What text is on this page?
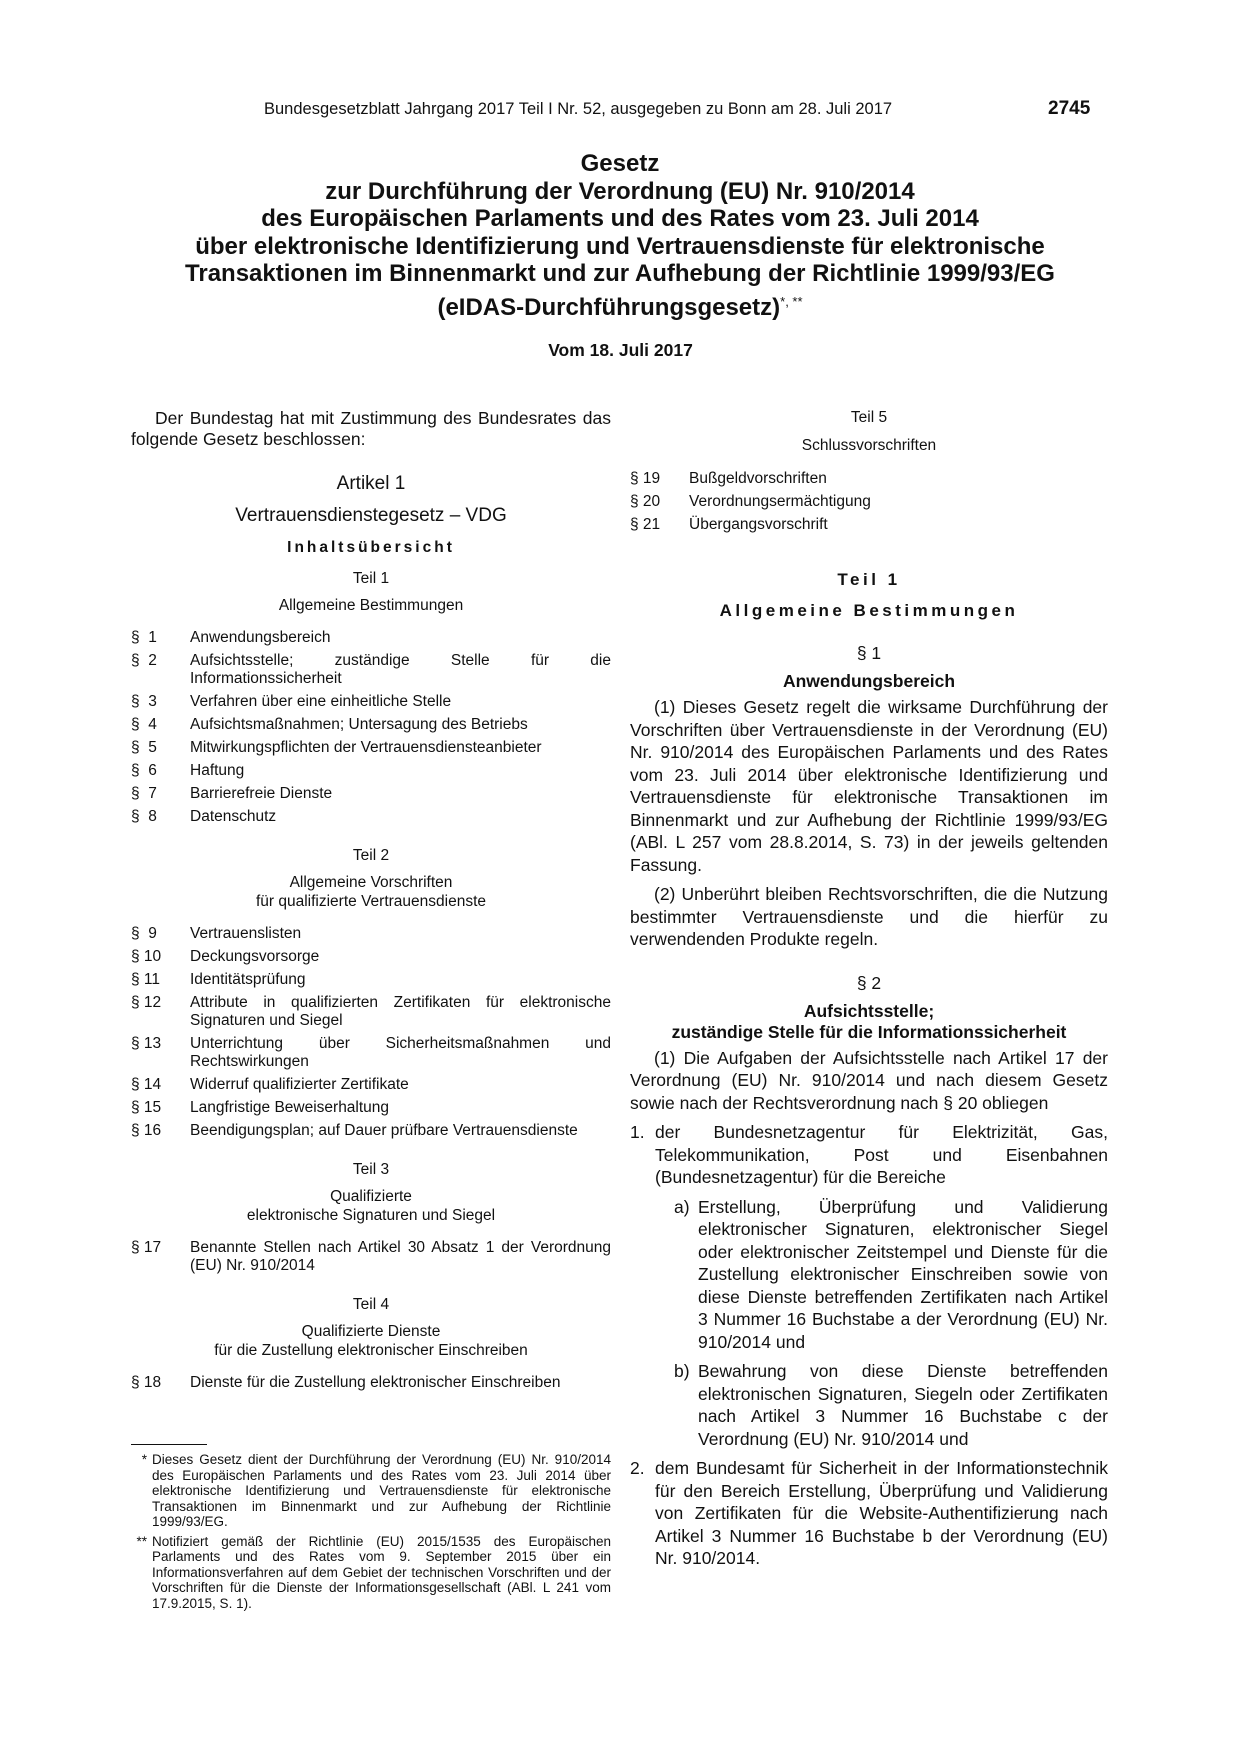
Bundesgesetzblatt Jahrgang 2017 Teil I Nr. 52, ausgegeben zu Bonn am 28. Juli 2017	2745
Gesetz
zur Durchführung der Verordnung (EU) Nr. 910/2014
des Europäischen Parlaments und des Rates vom 23. Juli 2014
über elektronische Identifizierung und Vertrauensdienste für elektronische
Transaktionen im Binnenmarkt und zur Aufhebung der Richtlinie 1999/93/EG
(eIDAS-Durchführungsgesetz)*, **
Vom 18. Juli 2017

Der Bundestag hat mit Zustimmung des Bundesrates das folgende Gesetz beschlossen:

Artikel 1

Vertrauensdienstegesetz – VDG

Inhaltsübersicht

Teil 1

Allgemeine Bestimmungen

§  1	Anwendungsbereich
§  2	Aufsichtsstelle; zuständige Stelle für die Informationssicherheit
§  3	Verfahren über eine einheitliche Stelle
§  4	Aufsichtsmaßnahmen; Untersagung des Betriebs
§  5	Mitwirkungspflichten der Vertrauensdiensteanbieter
§  6	Haftung
§  7	Barrierefreie Dienste
§  8	Datenschutz

Teil 2

Allgemeine Vorschriften

für qualifizierte Vertrauensdienste

§  9	Vertrauenslisten
§ 10	Deckungsvorsorge
§ 11	Identitätsprüfung
§ 12	Attribute in qualifizierten Zertifikaten für elektronische Signaturen und Siegel
§ 13	Unterrichtung über Sicherheitsmaßnahmen und Rechtswirkungen
§ 14	Widerruf qualifizierter Zertifikate
§ 15	Langfristige Beweiserhaltung
§ 16	Beendigungsplan; auf Dauer prüfbare Vertrauensdienste

Teil 3

Qualifizierte

elektronische Signaturen und Siegel

§ 17	Benannte Stellen nach Artikel 30 Absatz 1 der Verordnung (EU) Nr. 910/2014

Teil 4

Qualifizierte Dienste

für die Zustellung elektronischer Einschreiben

§ 18	Dienste für die Zustellung elektronischer Einschreiben
* Dieses Gesetz dient der Durchführung der Verordnung (EU) Nr. 910/2014 des Europäischen Parlaments und des Rates vom 23. Juli 2014 über elektronische Identifizierung und Vertrauensdienste für elektronische Transaktionen im Binnenmarkt und zur Aufhebung der Richtlinie 1999/93/EG.
** Notifiziert gemäß der Richtlinie (EU) 2015/1535 des Europäischen Parlaments und des Rates vom 9. September 2015 über ein Informationsverfahren auf dem Gebiet der technischen Vorschriften und der Vorschriften für die Dienste der Informationsgesellschaft (ABl. L 241 vom 17.9.2015, S. 1).

Teil 5

Schlussvorschriften

§ 19	Bußgeldvorschriften
§ 20	Verordnungsermächtigung
§ 21	Übergangsvorschrift

Teil 1

Allgemeine Bestimmungen

§ 1

Anwendungsbereich

(1) Dieses Gesetz regelt die wirksame Durchführung der Vorschriften über Vertrauensdienste in der Verordnung (EU) Nr. 910/2014 des Europäischen Parlaments und des Rates vom 23. Juli 2014 über elektronische Identifizierung und Vertrauensdienste für elektronische Transaktionen im Binnenmarkt und zur Aufhebung der Richtlinie 1999/93/EG (ABl. L 257 vom 28.8.2014, S. 73) in der jeweils geltenden Fassung.

(2) Unberührt bleiben Rechtsvorschriften, die die Nutzung bestimmter Vertrauensdienste und die hierfür zu verwendenden Produkte regeln.

§ 2

Aufsichtsstelle;

zuständige Stelle für die Informationssicherheit

(1) Die Aufgaben der Aufsichtsstelle nach Artikel 17 der Verordnung (EU) Nr. 910/2014 und nach diesem Gesetz sowie nach der Rechtsverordnung nach § 20 obliegen

1. der Bundesnetzagentur für Elektrizität, Gas, Telekommunikation, Post und Eisenbahnen (Bundesnetzagentur) für die Bereiche
a) Erstellung, Überprüfung und Validierung elektronischer Signaturen, elektronischer Siegel oder elektronischer Zeitstempel und Dienste für die Zustellung elektronischer Einschreiben sowie von diese Dienste betreffenden Zertifikaten nach Artikel 3 Nummer 16 Buchstabe a der Verordnung (EU) Nr. 910/2014 und
b) Bewahrung von diese Dienste betreffenden elektronischen Signaturen, Siegeln oder Zertifikaten nach Artikel 3 Nummer 16 Buchstabe c der Verordnung (EU) Nr. 910/2014 und
2. dem Bundesamt für Sicherheit in der Informationstechnik für den Bereich Erstellung, Überprüfung und Validierung von Zertifikaten für die Website-Authentifizierung nach Artikel 3 Nummer 16 Buchstabe b der Verordnung (EU) Nr. 910/2014.
